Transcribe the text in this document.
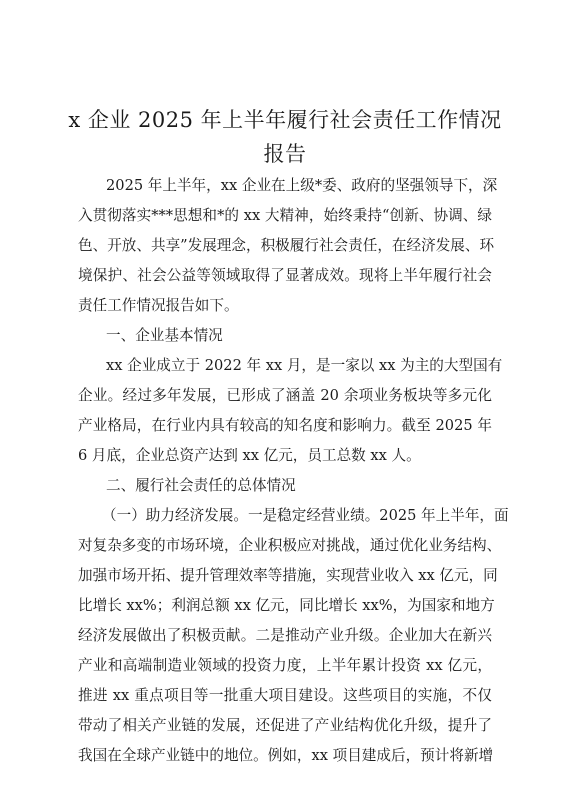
x 企业 2025 年上半年履行社会责任工作情况
报告
2025 年上半年，xx 企业在上级*委、政府的坚强领导下，深
入贯彻落实***思想和*的 xx 大精神，始终秉持“创新、协调、绿
色、开放、共享”发展理念，积极履行社会责任，在经济发展、环
境保护、社会公益等领域取得了显著成效。现将上半年履行社会
责任工作情况报告如下。
一、企业基本情况
xx 企业成立于 2022 年 xx 月，是一家以 xx 为主的大型国有
企业。经过多年发展，已形成了涵盖 20 余项业务板块等多元化
产业格局，在行业内具有较高的知名度和影响力。截至 2025 年
6 月底，企业总资产达到 xx 亿元，员工总数 xx 人。
二、履行社会责任的总体情况
（一）助力经济发展。一是稳定经营业绩。2025 年上半年，面
对复杂多变的市场环境，企业积极应对挑战，通过优化业务结构、
加强市场开拓、提升管理效率等措施，实现营业收入 xx 亿元，同
比增长 xx%；利润总额 xx 亿元，同比增长 xx%，为国家和地方
经济发展做出了积极贡献。二是推动产业升级。企业加大在新兴
产业和高端制造业领域的投资力度，上半年累计投资 xx 亿元，
推进 xx 重点项目等一批重大项目建设。这些项目的实施，不仅
带动了相关产业链的发展，还促进了产业结构优化升级，提升了
我国在全球产业链中的地位。例如，xx 项目建成后，预计将新增
